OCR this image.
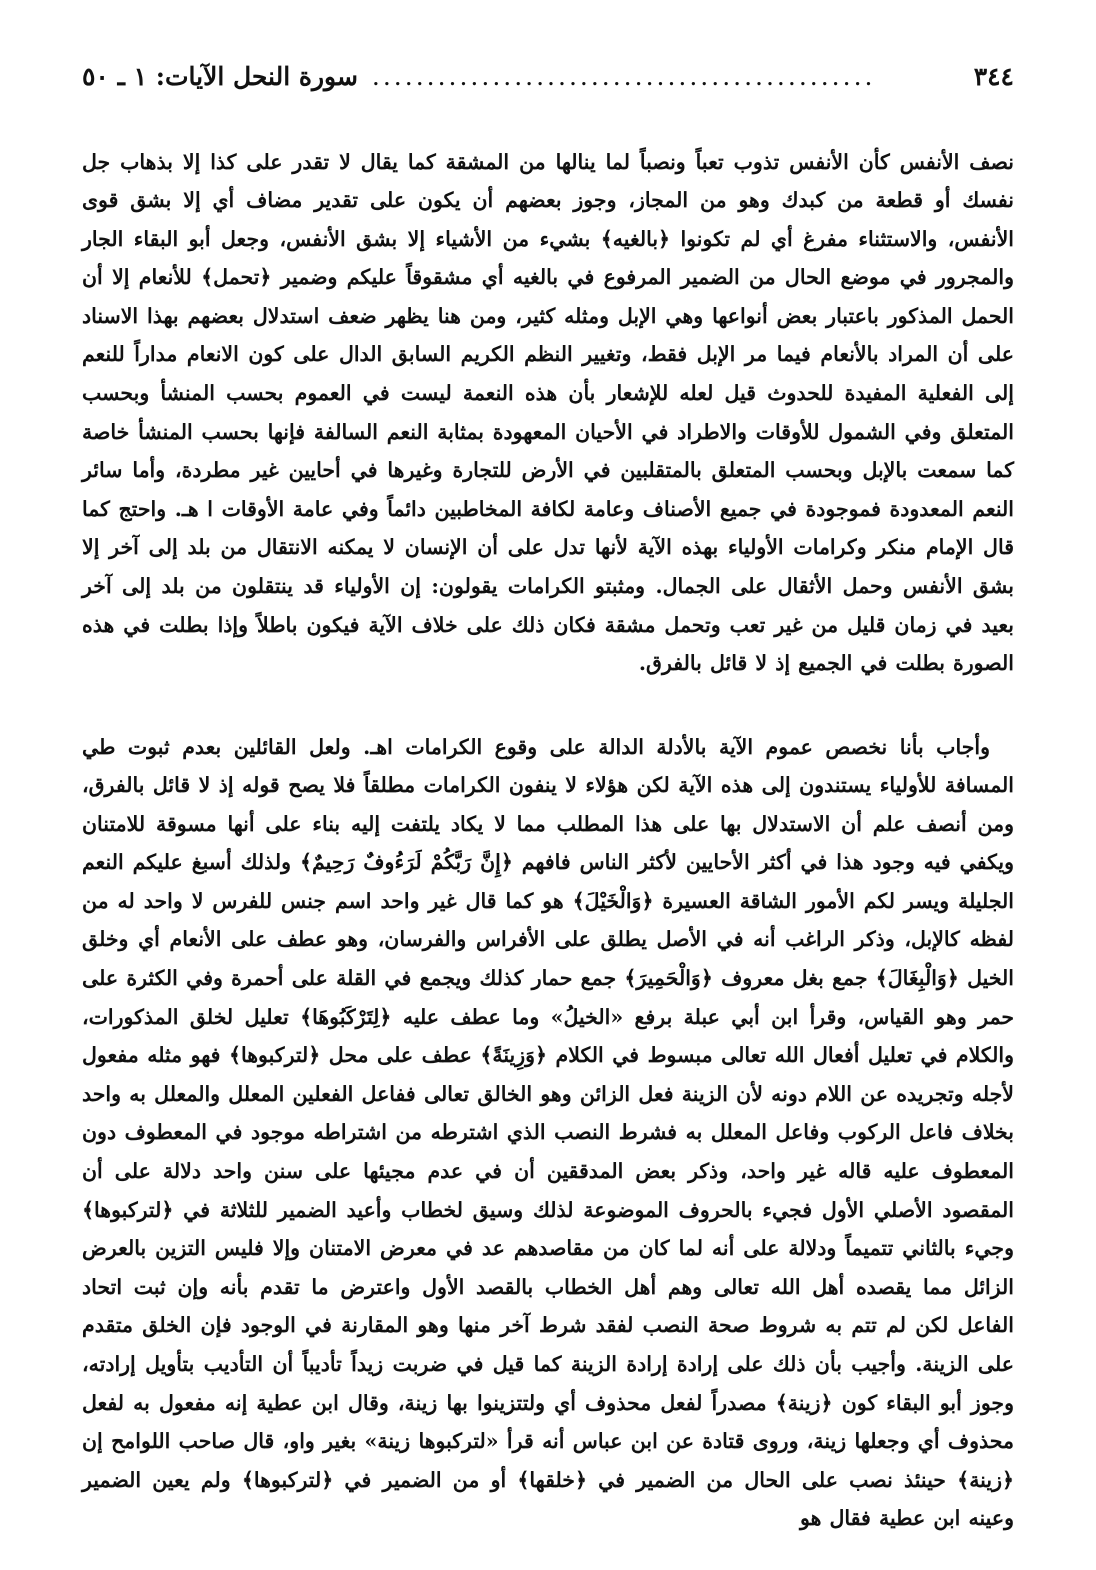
٣٤٤
..............................................
سورة النحل الآيات: ١ ـ ٥٠

نصف الأنفس كأن الأنفس تذوب تعباً ونصباً لما ينالها من المشقة كما يقال لا تقدر على كذا إلا بذهاب جل نفسك أو قطعة من كبدك وهو من المجاز، وجوز بعضهم أن يكون على تقدير مضاف أي إلا بشق قوى الأنفس، والاستثناء مفرغ أي لم تكونوا ﴿بالغيه﴾ بشيء من الأشياء إلا بشق الأنفس، وجعل أبو البقاء الجار والمجرور في موضع الحال من الضمير المرفوع في بالغيه أي مشقوقاً عليكم وضمير ﴿تحمل﴾ للأنعام إلا أن الحمل المذكور باعتبار بعض أنواعها وهي الإبل ومثله كثير، ومن هنا يظهر ضعف استدلال بعضهم بهذا الاسناد على أن المراد بالأنعام فيما مر الإبل فقط، وتغيير النظم الكريم السابق الدال على كون الانعام مداراً للنعم إلى الفعلية المفيدة للحدوث قيل لعله للإشعار بأن هذه النعمة ليست في العموم بحسب المنشأ وبحسب المتعلق وفي الشمول للأوقات والاطراد في الأحيان المعهودة بمثابة النعم السالفة فإنها بحسب المنشأ خاصة كما سمعت بالإبل وبحسب المتعلق بالمتقلبين في الأرض للتجارة وغيرها في أحايين غير مطردة، وأما سائر النعم المعدودة فموجودة في جميع الأصناف وعامة لكافة المخاطبين دائماً وفي عامة الأوقات ا هـ. واحتج كما قال الإمام منكر وكرامات الأولياء بهذه الآية لأنها تدل على أن الإنسان لا يمكنه الانتقال من بلد إلى آخر إلا بشق الأنفس وحمل الأثقال على الجمال. ومثبتو الكرامات يقولون: إن الأولياء قد ينتقلون من بلد إلى آخر بعيد في زمان قليل من غير تعب وتحمل مشقة فكان ذلك على خلاف الآية فيكون باطلاً وإذا بطلت في هذه الصورة بطلت في الجميع إذ لا قائل بالفرق.

وأجاب بأنا نخصص عموم الآية بالأدلة الدالة على وقوع الكرامات اهـ. ولعل القائلين بعدم ثبوت طي المسافة للأولياء يستندون إلى هذه الآية لكن هؤلاء لا ينفون الكرامات مطلقاً فلا يصح قوله إذ لا قائل بالفرق، ومن أنصف علم أن الاستدلال بها على هذا المطلب مما لا يكاد يلتفت إليه بناء على أنها مسوقة للامتنان ويكفي فيه وجود هذا في أكثر الأحايين لأكثر الناس فافهم ﴿إِنَّ رَبَّكُمْ لَرَءُوفٌ رَحِيمٌ﴾ ولذلك أسبغ عليكم النعم الجليلة ويسر لكم الأمور الشاقة العسيرة ﴿وَالْخَيْلَ﴾ هو كما قال غير واحد اسم جنس للفرس لا واحد له من لفظه كالإبل، وذكر الراغب أنه في الأصل يطلق على الأفراس والفرسان، وهو عطف على الأنعام أي وخلق الخيل ﴿وَالْبِغَالَ﴾ جمع بغل معروف ﴿وَالْحَمِيرَ﴾ جمع حمار كذلك ويجمع في القلة على أحمرة وفي الكثرة على حمر وهو القياس، وقرأ ابن أبي عبلة برفع «الخيلُ» وما عطف عليه ﴿لِتَرْكَبُوهَا﴾ تعليل لخلق المذكورات، والكلام في تعليل أفعال الله تعالى مبسوط في الكلام ﴿وَزِينَةً﴾ عطف على محل ﴿لتركبوها﴾ فهو مثله مفعول لأجله وتجريده عن اللام دونه لأن الزينة فعل الزائن وهو الخالق تعالى ففاعل الفعلين المعلل والمعلل به واحد بخلاف فاعل الركوب وفاعل المعلل به فشرط النصب الذي اشترطه من اشتراطه موجود في المعطوف دون المعطوف عليه قاله غير واحد، وذكر بعض المدققين أن في عدم مجيئها على سنن واحد دلالة على أن المقصود الأصلي الأول فجيء بالحروف الموضوعة لذلك وسيق لخطاب وأعيد الضمير للثلاثة في ﴿لتركبوها﴾ وجيء بالثاني تتميماً ودلالة على أنه لما كان من مقاصدهم عد في معرض الامتنان وإلا فليس التزين بالعرض الزائل مما يقصده أهل الله تعالى وهم أهل الخطاب بالقصد الأول واعترض ما تقدم بأنه وإن ثبت اتحاد الفاعل لكن لم تتم به شروط صحة النصب لفقد شرط آخر منها وهو المقارنة في الوجود فإن الخلق متقدم على الزينة. وأجيب بأن ذلك على إرادة إرادة الزينة كما قيل في ضربت زيداً تأديباً أن التأديب بتأويل إرادته، وجوز أبو البقاء كون ﴿زينة﴾ مصدراً لفعل محذوف أي ولتتزينوا بها زينة، وقال ابن عطية إنه مفعول به لفعل محذوف أي وجعلها زينة، وروى قتادة عن ابن عباس أنه قرأ «لتركبوها زينة» بغير واو، قال صاحب اللوامح إن ﴿زينة﴾ حينئذ نصب على الحال من الضمير في ﴿خلقها﴾ أو من الضمير في ﴿لتركبوها﴾ ولم يعين الضمير وعينه ابن عطية فقال هو
